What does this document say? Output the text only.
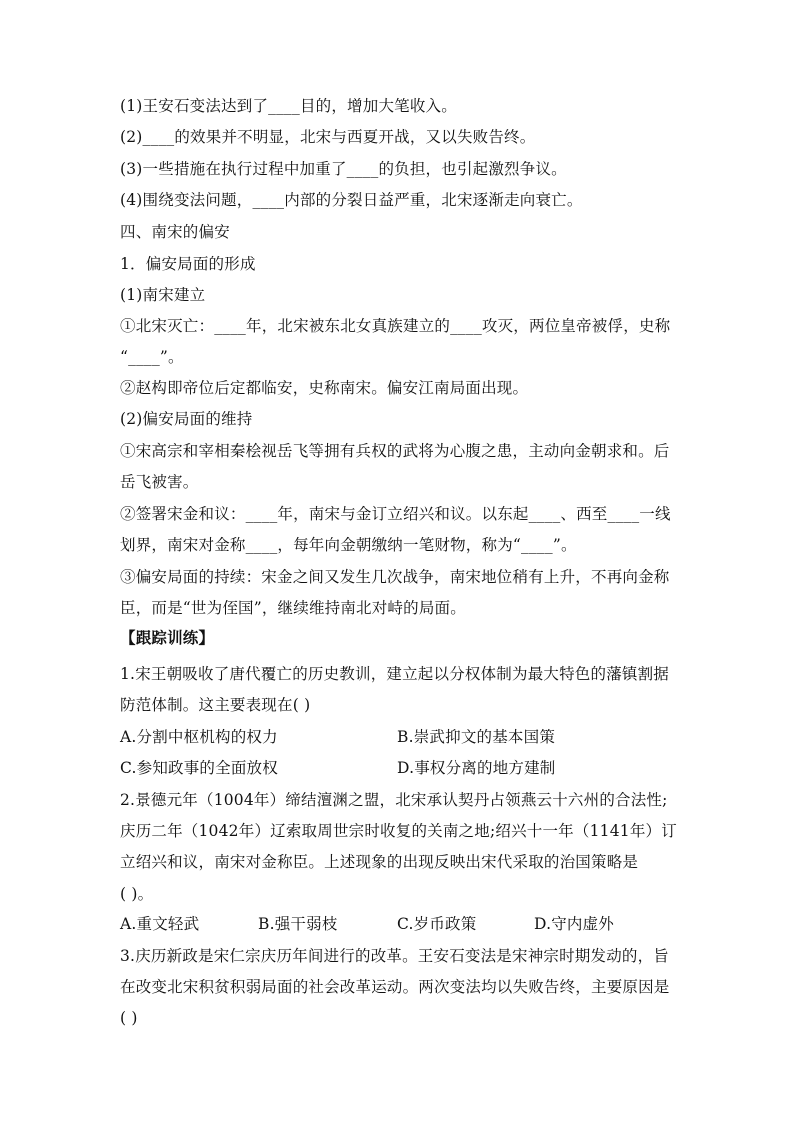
(1)王安石变法达到了____目的，增加大笔收入。
(2)____的效果并不明显，北宋与西夏开战，又以失败告终。
(3)一些措施在执行过程中加重了____的负担，也引起激烈争议。
(4)围绕变法问题，____内部的分裂日益严重，北宋逐渐走向衰亡。
四、南宋的偏安
1．偏安局面的形成
(1)南宋建立
①北宋灭亡：____年，北宋被东北女真族建立的____攻灭，两位皇帝被俘，史称
“____”。
②赵构即帝位后定都临安，史称南宋。偏安江南局面出现。
(2)偏安局面的维持
①宋高宗和宰相秦桧视岳飞等拥有兵权的武将为心腹之患，主动向金朝求和。后
岳飞被害。
②签署宋金和议：____年，南宋与金订立绍兴和议。以东起____、西至____一线
划界，南宋对金称____，每年向金朝缴纳一笔财物，称为“____”。
③偏安局面的持续：宋金之间又发生几次战争，南宋地位稍有上升，不再向金称
臣，而是“世为侄国”，继续维持南北对峙的局面。
【跟踪训练】
1.宋王朝吸收了唐代覆亡的历史教训，建立起以分权体制为最大特色的藩镇割据
防范体制。这主要表现在( )
A.分割中枢机构的权力	B.崇武抑文的基本国策
C.参知政事的全面放权	D.事权分离的地方建制
2.景德元年（1004年）缔结澶渊之盟，北宋承认契丹占领燕云十六州的合法性;
庆历二年（1042年）辽索取周世宗时收复的关南之地;绍兴十一年（1141年）订
立绍兴和议，南宋对金称臣。上述现象的出现反映出宋代采取的治国策略是
( )。
A.重文轻武	B.强干弱枝	C.岁币政策	D.守内虚外
3.庆历新政是宋仁宗庆历年间进行的改革。王安石变法是宋神宗时期发动的，旨
在改变北宋积贫积弱局面的社会改革运动。两次变法均以失败告终，主要原因是
( )
